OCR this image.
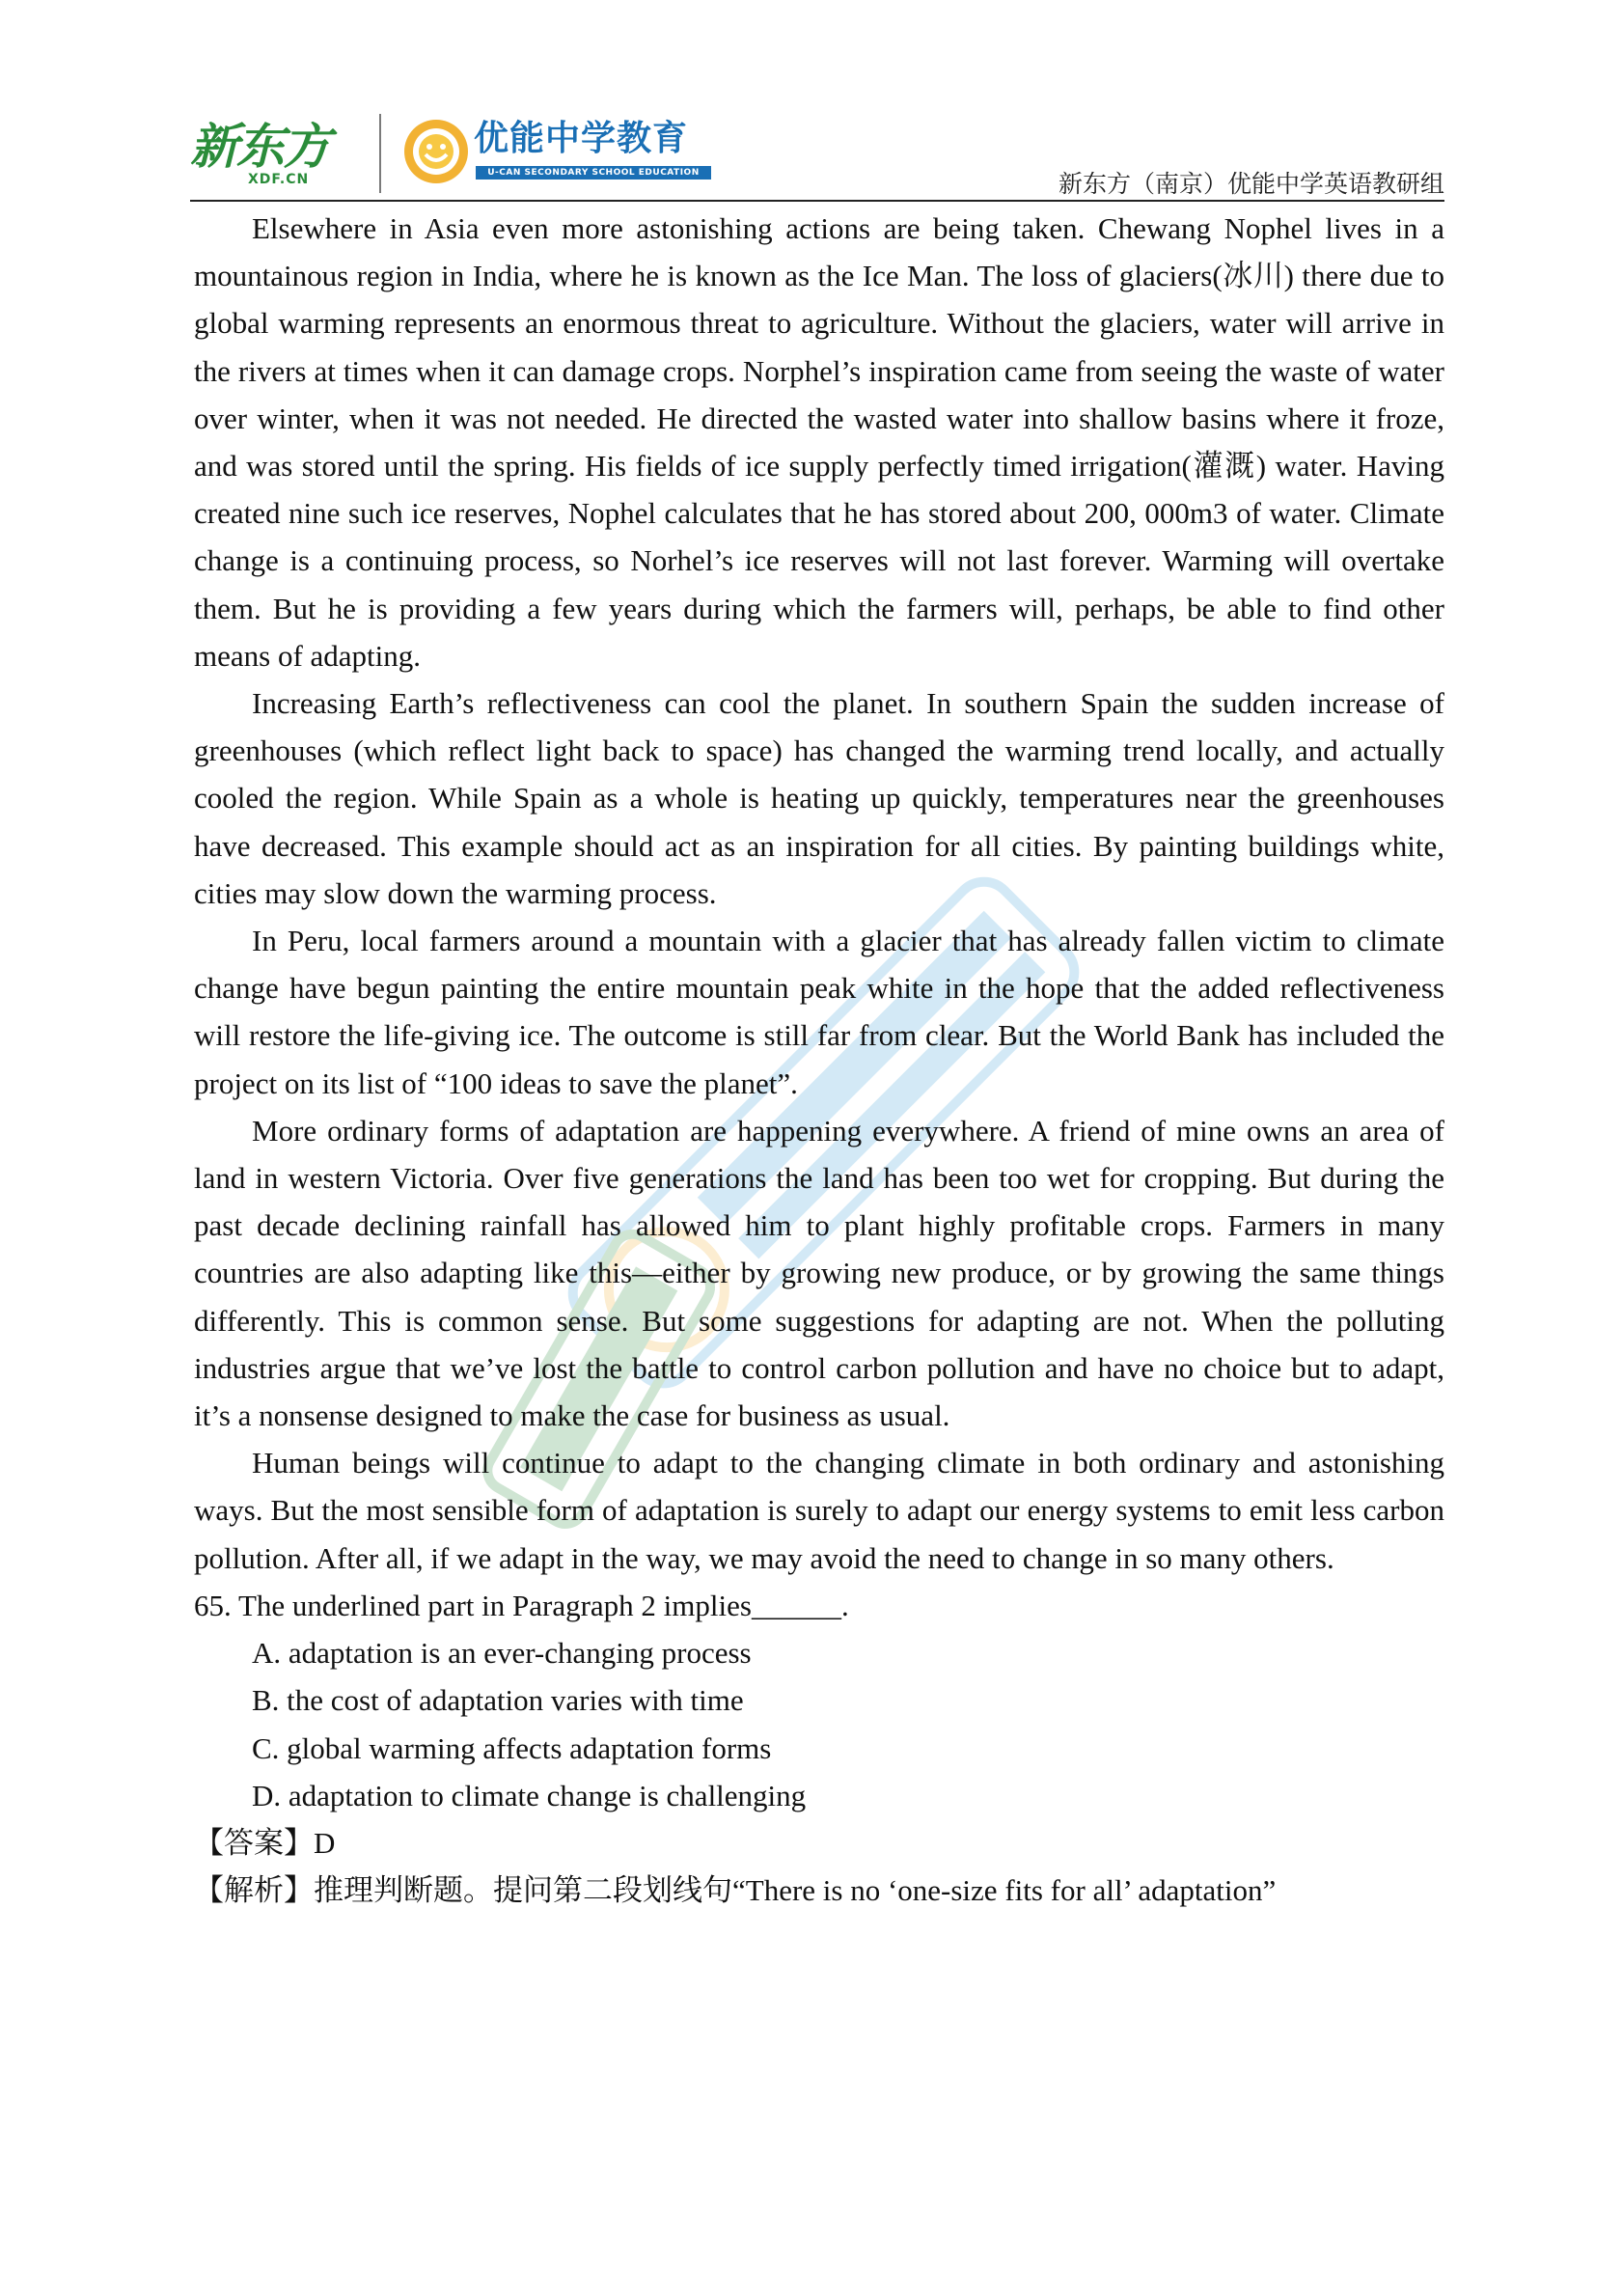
新东方
XDF.CN
优能中学教育
U-CAN SECONDARY SCHOOL EDUCATION	新东方（南京）优能中学英语教研组

Elsewhere in Asia even more astonishing actions are being taken. Chewang Nophel lives in a mountainous region in India, where he is known as the Ice Man. The loss of glaciers(冰川) there due to global warming represents an enormous threat to agriculture. Without the glaciers, water will arrive in the rivers at times when it can damage crops. Norphel’s inspiration came from seeing the waste of water over winter, when it was not needed. He directed the wasted water into shallow basins where it froze, and was stored until the spring. His fields of ice supply perfectly timed irrigation(灌溉) water. Having created nine such ice reserves, Nophel calculates that he has stored about 200, 000m3 of water. Climate change is a continuing process, so Norhel’s ice reserves will not last forever. Warming will overtake them. But he is providing a few years during which the farmers will, perhaps, be able to find other means of adapting.

Increasing Earth’s reflectiveness can cool the planet. In southern Spain the sudden increase of greenhouses (which reflect light back to space) has changed the warming trend locally, and actually cooled the region. While Spain as a whole is heating up quickly, temperatures near the greenhouses have decreased. This example should act as an inspiration for all cities. By painting buildings white, cities may slow down the warming process.

In Peru, local farmers around a mountain with a glacier that has already fallen victim to climate change have begun painting the entire mountain peak white in the hope that the added reflectiveness will restore the life-giving ice. The outcome is still far from clear. But the World Bank has included the project on its list of “100 ideas to save the planet”.

More ordinary forms of adaptation are happening everywhere. A friend of mine owns an area of land in western Victoria. Over five generations the land has been too wet for cropping. But during the past decade declining rainfall has allowed him to plant highly profitable crops. Farmers in many countries are also adapting like this—either by growing new produce, or by growing the same things differently. This is common sense. But some suggestions for adapting are not. When the polluting industries argue that we’ve lost the battle to control carbon pollution and have no choice but to adapt, it’s a nonsense designed to make the case for business as usual.

Human beings will continue to adapt to the changing climate in both ordinary and astonishing ways. But the most sensible form of adaptation is surely to adapt our energy systems to emit less carbon pollution. After all, if we adapt in the way, we may avoid the need to change in so many others.

65. The underlined part in Paragraph 2 implies______.

A. adaptation is an ever-changing process

B. the cost of adaptation varies with time

C. global warming affects adaptation forms

D. adaptation to climate change is challenging

【答案】D

【解析】推理判断题。提问第二段划线句“There is no ‘one-size fits for all’ adaptation”
